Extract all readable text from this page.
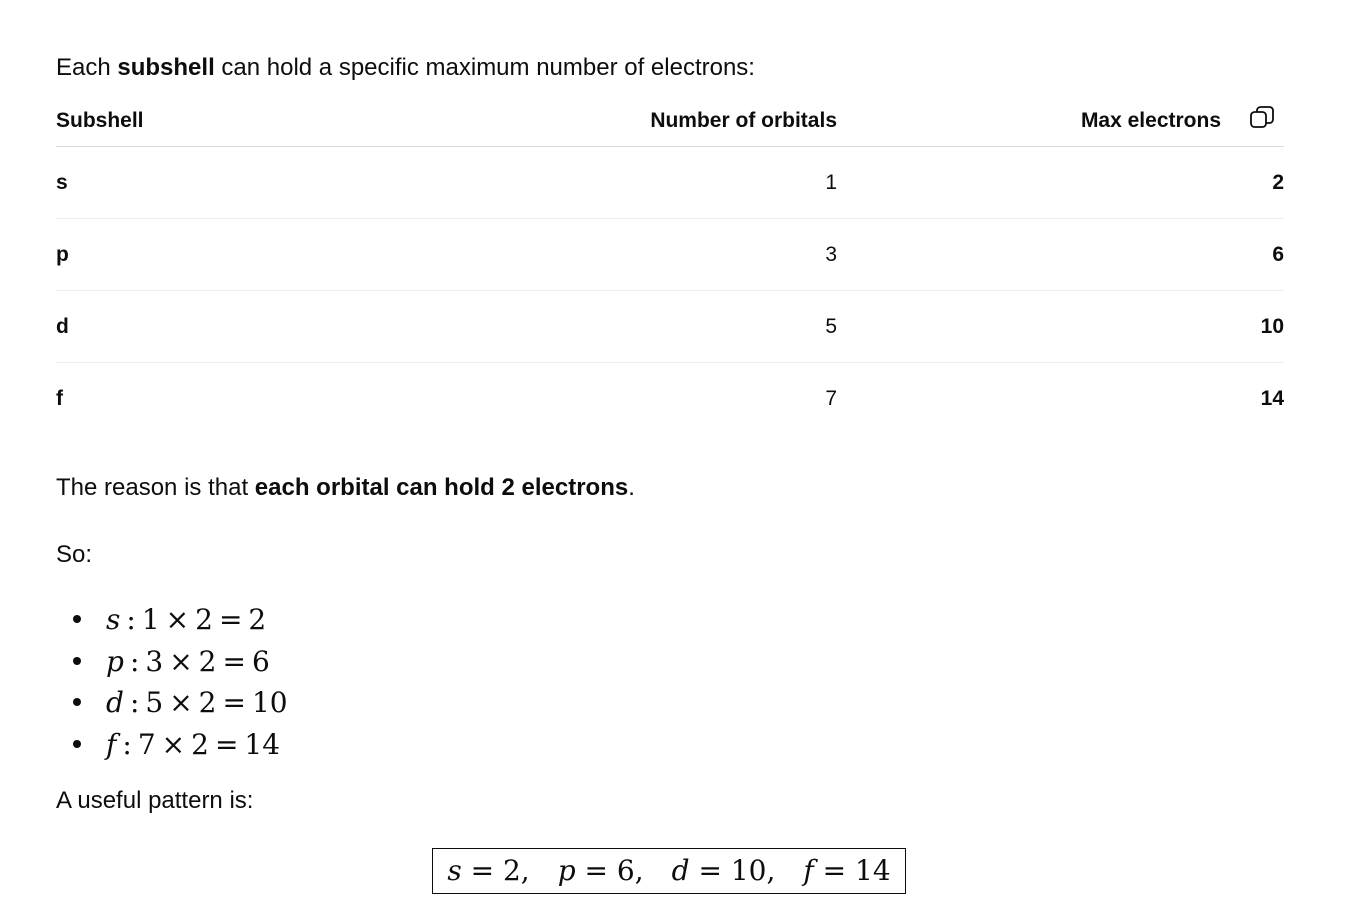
Each subshell can hold a specific maximum number of electrons:

Subshell	Number of orbitals	Max electrons
s	1	2
p	3	6
d	5	10
f	7	14

The reason is that each orbital can hold 2 electrons.

So:

s : 1 × 2 = 2
p : 3 × 2 = 6
d : 5 × 2 = 10
f : 7 × 2 = 14

A useful pattern is:

s = 2, p = 6, d = 10, f = 14
